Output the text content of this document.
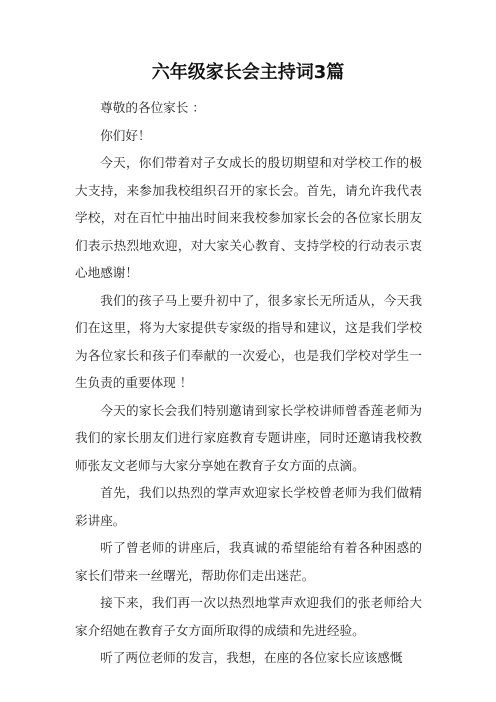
六年级家长会主持词3篇

尊敬的各位家长 ：

你们好！

今天，你们带着对子女成长的殷切期望和对学校工作的极大支持，来参加我校组织召开的家长会。首先，请允许我代表学校，对在百忙中抽出时间来我校参加家长会的各位家长朋友们表示热烈地欢迎，对大家关心教育、支持学校的行动表示衷心地感谢！

我们的孩子马上要升初中了，很多家长无所适从，今天我们在这里，将为大家提供专家级的指导和建议，这是我们学校为各位家长和孩子们奉献的一次爱心，也是我们学校对学生一生负责的重要体现 ！

今天的家长会我们特别邀请到家长学校讲师曾香莲老师为我们的家长朋友们进行家庭教育专题讲座，同时还邀请我校教师张友文老师与大家分享她在教育子女方面的点滴。

首先，我们以热烈的掌声欢迎家长学校曾老师为我们做精彩讲座。

听了曾老师的讲座后，我真诚的希望能给有着各种困惑的家长们带来一丝曙光，帮助你们走出迷茫。

接下来，我们再一次以热烈地掌声欢迎我们的张老师给大家介绍她在教育子女方面所取得的成绩和先进经验。

听了两位老师的发言，我想，在座的各位家长应该感慨
